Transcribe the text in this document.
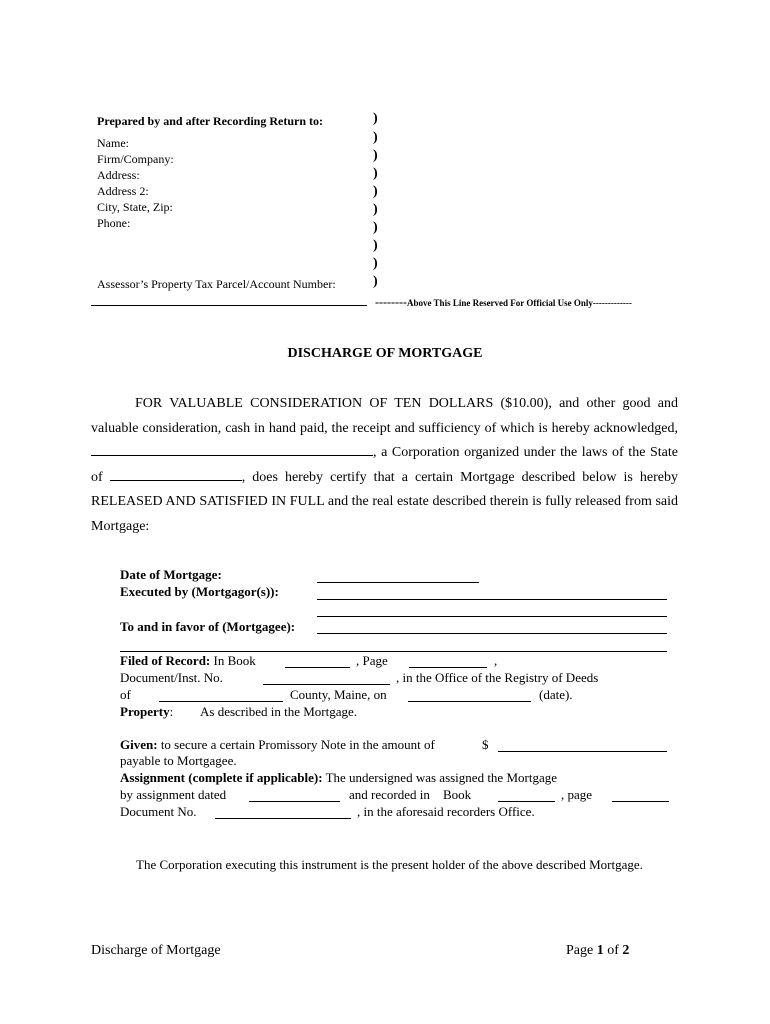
Prepared by and after Recording Return to:
Name:
Firm/Company:
Address:
Address 2:
City, State, Zip:
Phone:
Assessor’s Property Tax Parcel/Account Number:
)
)
)
)
)
)
)
)
)
)
--------Above This Line Reserved For Official Use Only-------------
DISCHARGE OF MORTGAGE

FOR VALUABLE CONSIDERATION OF TEN DOLLARS ($10.00), and other good and valuable consideration, cash in hand paid, the receipt and sufficiency of which is hereby acknowledged, , a Corporation organized under the laws of the State of	, does hereby certify that a certain Mortgage described below is hereby RELEASED AND SATISFIED IN FULL and the real estate described therein is fully released from said Mortgage:

Date of Mortgage:
Executed by (Mortgagor(s)):
To and in favor of (Mortgagee):
Filed of Record: In Book	, Page	,
Document/Inst. No.	, in the Office of the Registry of Deeds
of	County, Maine, on	(date).
Property: As described in the Mortgage.
Given: to secure a certain Promissory Note in the amount of	$
payable to Mortgagee.
Assignment (complete if applicable): The undersigned was assigned the Mortgage
by assignment dated	and recorded in Book	, page
Document No.	, in the aforesaid recorders Office.
The Corporation executing this instrument is the present holder of the above described Mortgage.
Discharge of Mortgage	Page 1 of 2
